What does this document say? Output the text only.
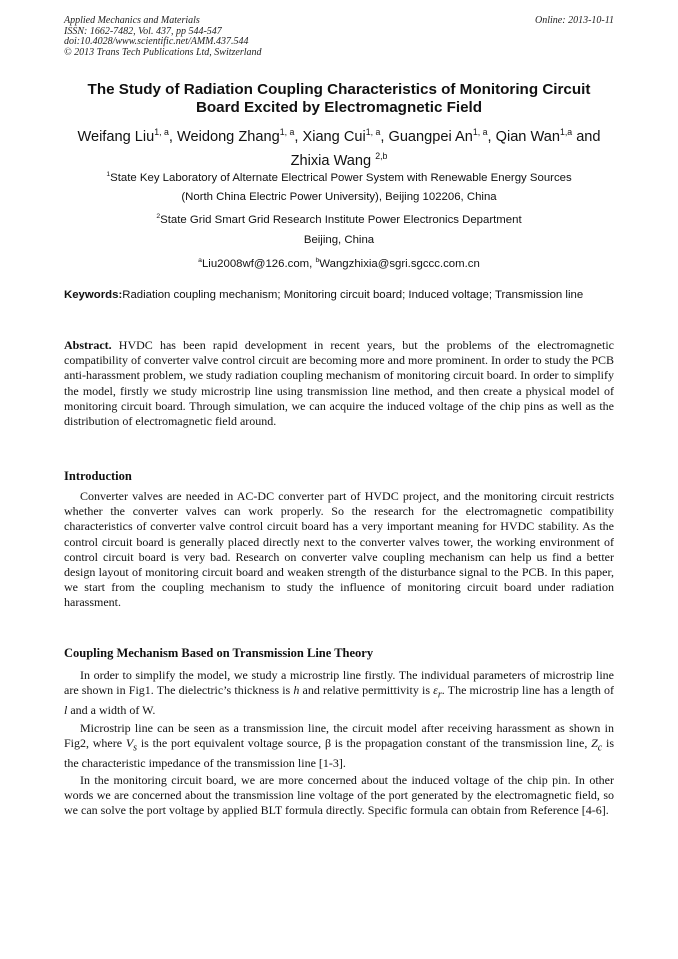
Applied Mechanics and Materials
ISSN: 1662-7482, Vol. 437, pp 544-547
doi:10.4028/www.scientific.net/AMM.437.544
© 2013 Trans Tech Publications Ltd, Switzerland
Online: 2013-10-11
The Study of Radiation Coupling Characteristics of Monitoring Circuit Board Excited by Electromagnetic Field
Weifang Liu$^{1, a}$, Weidong Zhang$^{1, a}$, Xiang Cui$^{1, a}$, Guangpei An$^{1, a}$, Qian Wan$^{1,a}$ and Zhixia Wang $^{2,b}$
$^1$State Key Laboratory of Alternate Electrical Power System with Renewable Energy Sources
(North China Electric Power University), Beijing 102206, China
$^2$State Grid Smart Grid Research Institute Power Electronics Department
Beijing, China
$^a$Liu2008wf@126.com, $^b$Wangzhixia@sgri.sgccc.com.cn
Keywords:Radiation coupling mechanism; Monitoring circuit board; Induced voltage; Transmission line
Abstract. HVDC has been rapid development in recent years, but the problems of the electromagnetic compatibility of converter valve control circuit are becoming more and more prominent. In order to study the PCB anti-harassment problem, we study radiation coupling mechanism of monitoring circuit board. In order to simplify the model, firstly we study microstrip line using transmission line method, and then create a physical model of monitoring circuit board. Through simulation, we can acquire the induced voltage of the chip pins as well as the distribution of electromagnetic field around.
Introduction
Converter valves are needed in AC-DC converter part of HVDC project, and the monitoring circuit restricts whether the converter valves can work properly. So the research for the electromagnetic compatibility characteristics of converter valve control circuit board has a very important meaning for HVDC stability. As the control circuit board is generally placed directly next to the converter valves tower, the working environment of control circuit board is very bad. Research on converter valve coupling mechanism can help us find a better design layout of monitoring circuit board and weaken strength of the disturbance signal to the PCB. In this paper, we start from the coupling mechanism to study the influence of monitoring circuit board under radiation harassment.
Coupling Mechanism Based on Transmission Line Theory
In order to simplify the model, we study a microstrip line firstly. The individual parameters of microstrip line are shown in Fig1. The dielectric’s thickness is h and relative permittivity is $\varepsilon_r$. The microstrip line has a length of l and a width of W.
Microstrip line can be seen as a transmission line, the circuit model after receiving harassment as shown in Fig2, where $V_s$ is the port equivalent voltage source, β is the propagation constant of the transmission line, $Z_c$ is the characteristic impedance of the transmission line [1-3].
In the monitoring circuit board, we are more concerned about the induced voltage of the chip pin. In other words we are concerned about the transmission line voltage of the port generated by the electromagnetic field, so we can solve the port voltage by applied BLT formula directly. Specific formula can obtain from Reference [4-6].
